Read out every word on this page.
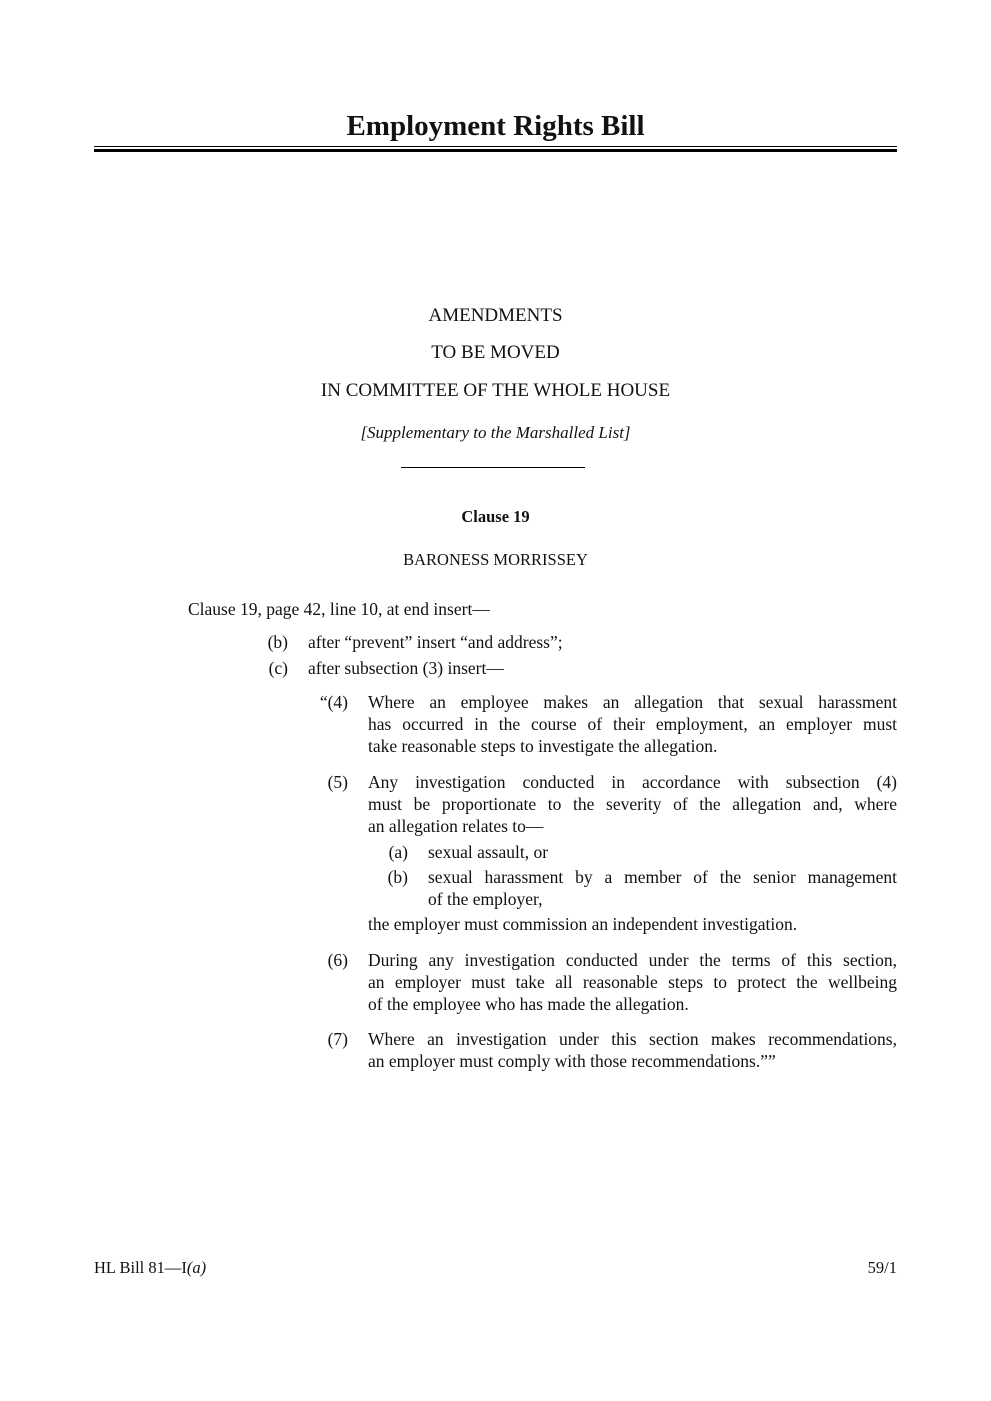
Employment Rights Bill
AMENDMENTS
TO BE MOVED
IN COMMITTEE OF THE WHOLE HOUSE
[Supplementary to the Marshalled List]
Clause 19
BARONESS MORRISSEY
Clause 19, page 42, line 10, at end insert—
(b) after “prevent” insert “and address”;
(c) after subsection (3) insert—
“(4) Where an employee makes an allegation that sexual harassment
has occurred in the course of their employment, an employer must
take reasonable steps to investigate the allegation.
(5) Any investigation conducted in accordance with subsection (4)
must be proportionate to the severity of the allegation and, where
an allegation relates to—
(a) sexual assault, or
(b) sexual harassment by a member of the senior management
of the employer,
the employer must commission an independent investigation.
(6) During any investigation conducted under the terms of this section,
an employer must take all reasonable steps to protect the wellbeing
of the employee who has made the allegation.
(7) Where an investigation under this section makes recommendations,
an employer must comply with those recommendations.””
HL Bill 81—I(a)	59/1
